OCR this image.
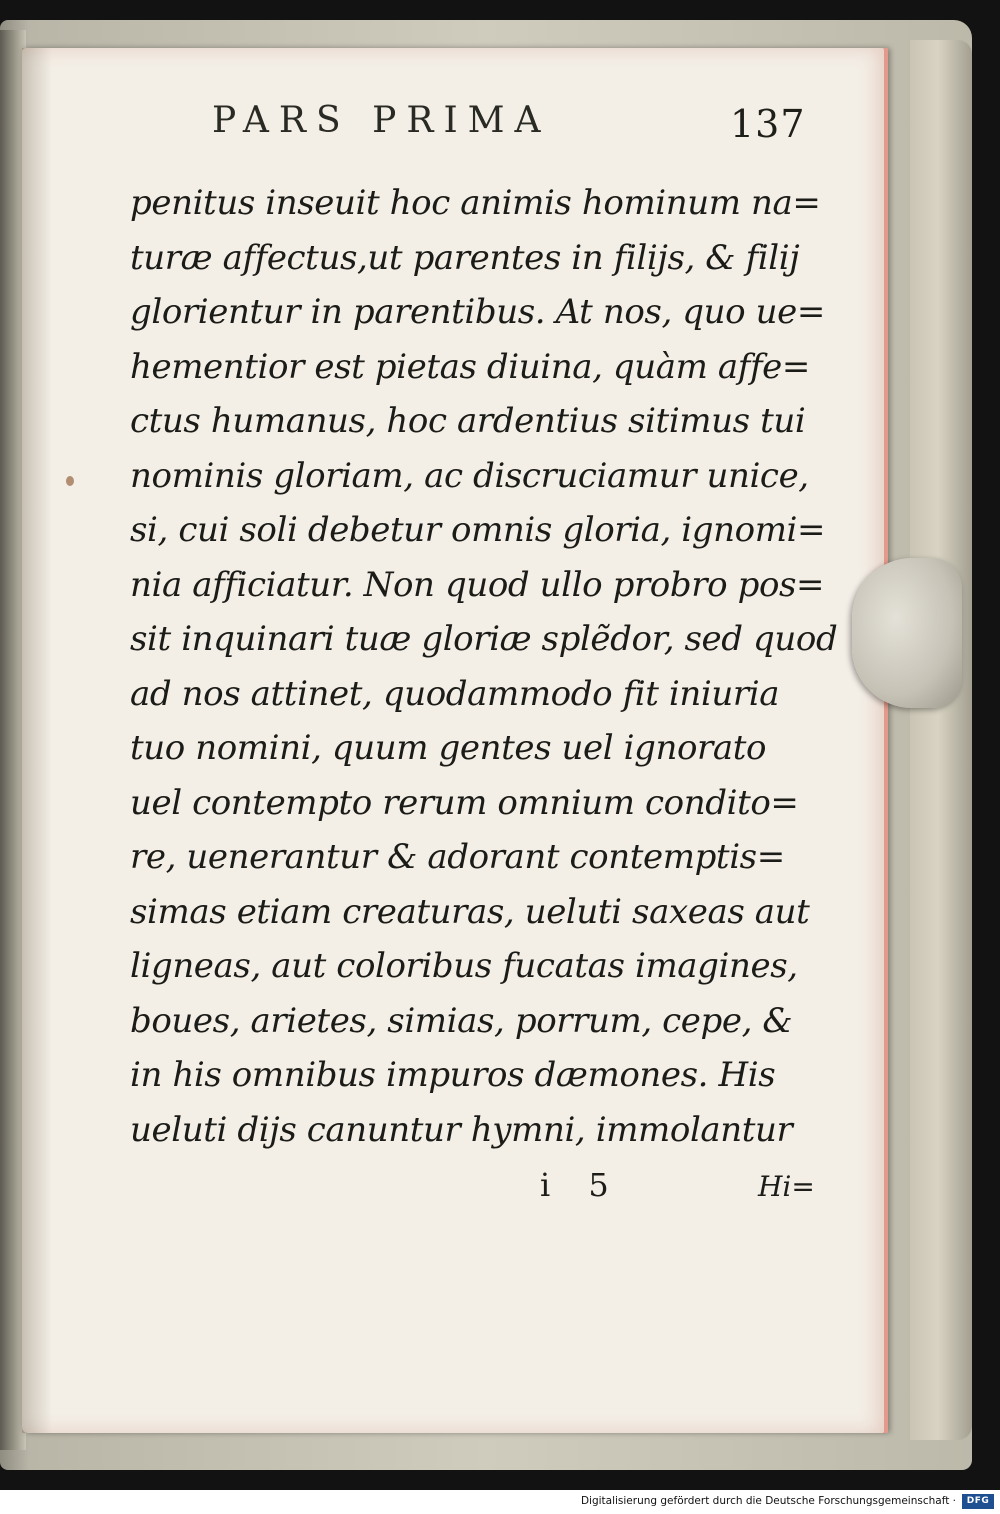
PARS PRIMA	137
penitus inseuit hoc animis hominum na=
turæ affectus,ut parentes in filijs, & filij
glorientur in parentibus. At nos, quo ue=
hementior est pietas diuina, quàm affe=
ctus humanus, hoc ardentius sitimus tui
nominis gloriam, ac discruciamur unice,
si, cui soli debetur omnis gloria, ignomi=
nia afficiatur. Non quod ullo probro pos=
sit inquinari tuæ gloriæ splẽdor, sed quod
ad nos attinet, quodammodo fit iniuria
tuo nomini, quum gentes uel ignorato
uel contempto rerum omnium condito=
re, uenerantur & adorant contemptis=
simas etiam creaturas, ueluti saxeas aut
ligneas, aut coloribus fucatas imagines,
boues, arietes, simias, porrum, cepe, &
in his omnibus impuros dæmones. His
ueluti dijs canuntur hymni, immolantur
i 5	Hi=
Digitalisierung gefördert durch die Deutsche Forschungsgemeinschaft ·	DFG
